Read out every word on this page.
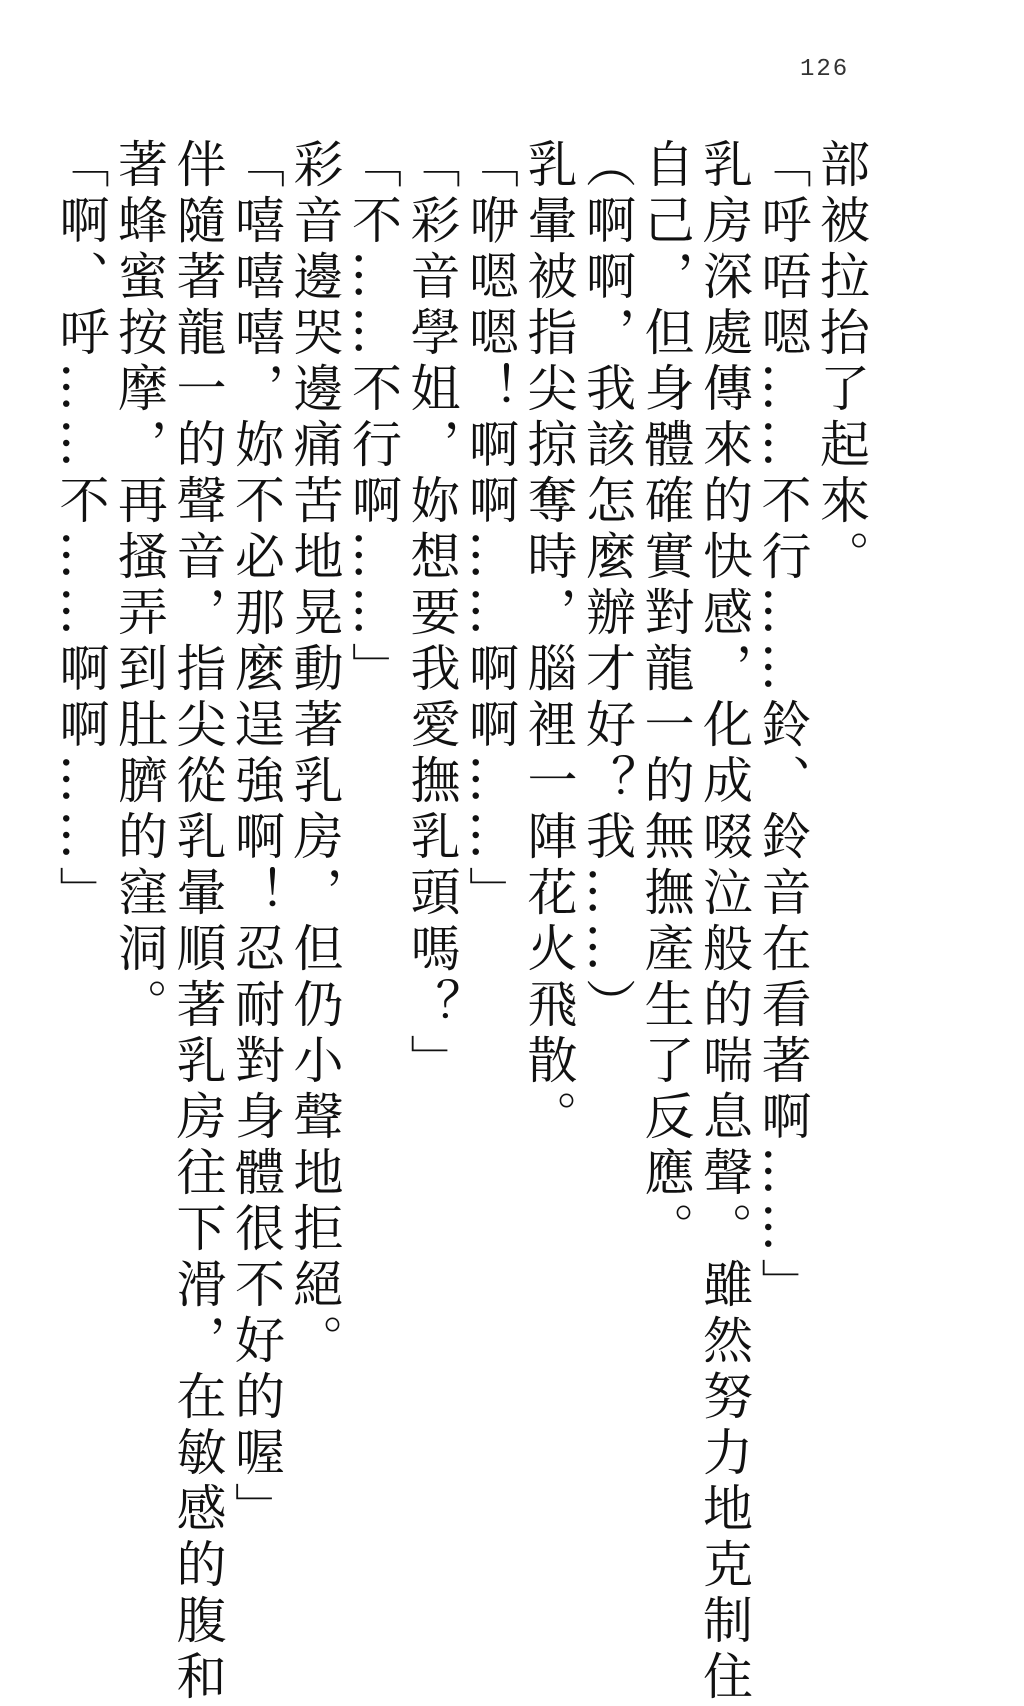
126
部被拉抬了起來。
「呼唔嗯……不行……鈴、鈴音在看著啊……」
乳房深處傳來的快感，化成啜泣般的喘息聲。雖然努力地克制住
自己，但身體確實對龍一的無撫產生了反應。
（啊啊，我該怎麼辦才好？我……）
乳暈被指尖掠奪時，腦裡一陣花火飛散。
「咿嗯嗯！啊啊……啊啊……」
「彩音學姐，妳想要我愛撫乳頭嗎？」
「不……不行啊……」
彩音邊哭邊痛苦地晃動著乳房，但仍小聲地拒絕。
「嘻嘻嘻，妳不必那麼逞強啊！忍耐對身體很不好的喔」
伴隨著龍一的聲音，指尖從乳暈順著乳房往下滑，在敏感的腹和
著蜂蜜按摩，再搔弄到肚臍的窪洞。
「啊、呼……不……啊啊……」
